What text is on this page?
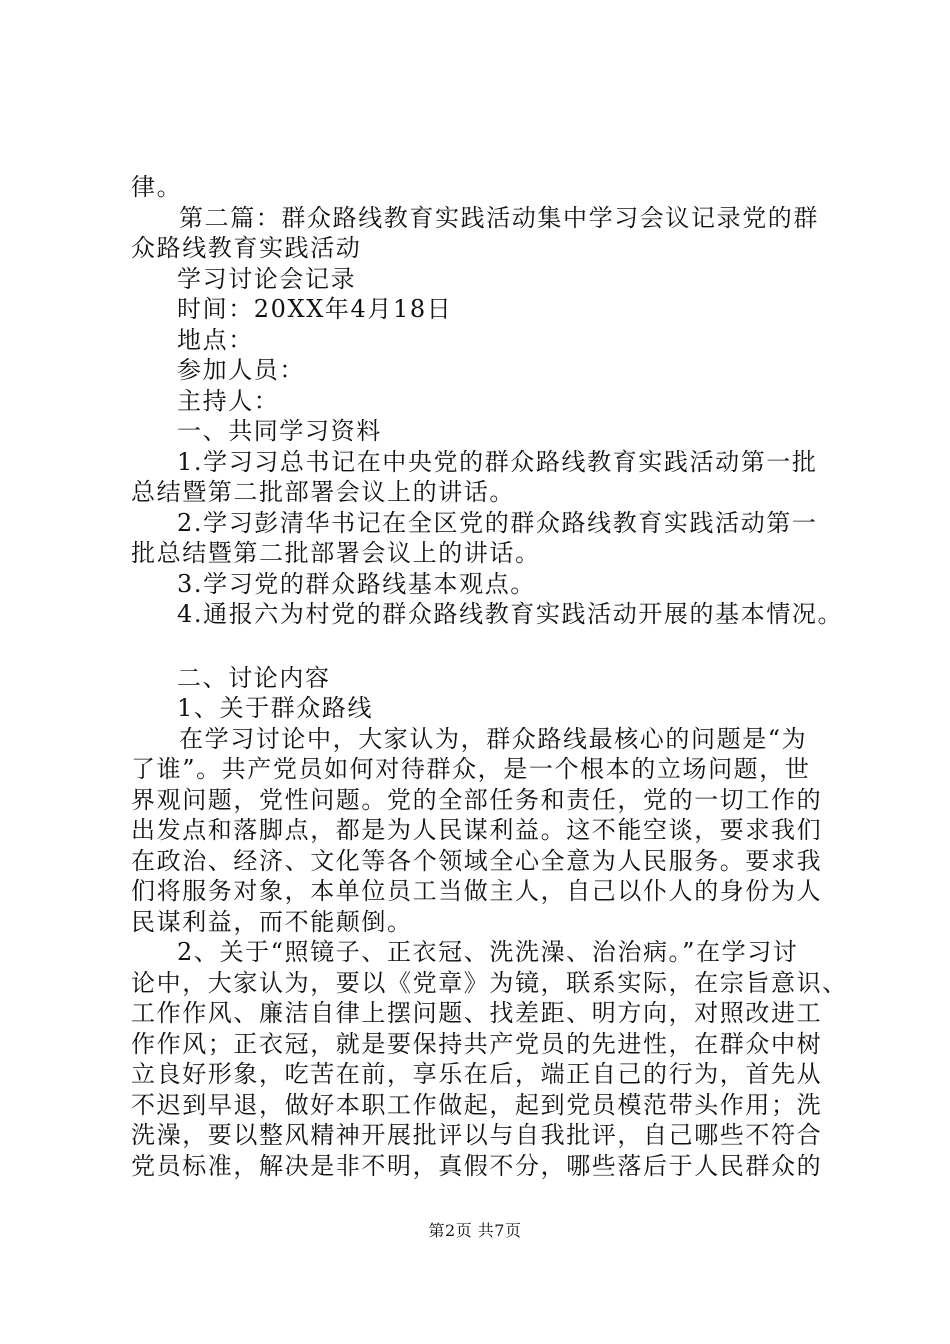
律。
第二篇：群众路线教育实践活动集中学习会议记录党的群
众路线教育实践活动
学习讨论会记录
时间：20XX年4月18日
地点：
参加人员：
主持人：
一、共同学习资料
1.学习习总书记在中央党的群众路线教育实践活动第一批
总结暨第二批部署会议上的讲话。
2.学习彭清华书记在全区党的群众路线教育实践活动第一
批总结暨第二批部署会议上的讲话。
3.学习党的群众路线基本观点。
4.通报六为村党的群众路线教育实践活动开展的基本情况。
二、讨论内容
1、关于群众路线
在学习讨论中，大家认为，群众路线最核心的问题是“为
了谁”。共产党员如何对待群众，是一个根本的立场问题，世
界观问题，党性问题。党的全部任务和责任，党的一切工作的
出发点和落脚点，都是为人民谋利益。这不能空谈，要求我们
在政治、经济、文化等各个领域全心全意为人民服务。要求我
们将服务对象，本单位员工当做主人，自己以仆人的身份为人
民谋利益，而不能颠倒。
2、关于“照镜子、正衣冠、洗洗澡、治治病。”在学习讨
论中，大家认为，要以《党章》为镜，联系实际，在宗旨意识、
工作作风、廉洁自律上摆问题、找差距、明方向，对照改进工
作作风；正衣冠，就是要保持共产党员的先进性，在群众中树
立良好形象，吃苦在前，享乐在后，端正自己的行为，首先从
不迟到早退，做好本职工作做起，起到党员模范带头作用；洗
洗澡，要以整风精神开展批评以与自我批评，自己哪些不符合
党员标准，解决是非不明，真假不分，哪些落后于人民群众的
第2页 共7页
